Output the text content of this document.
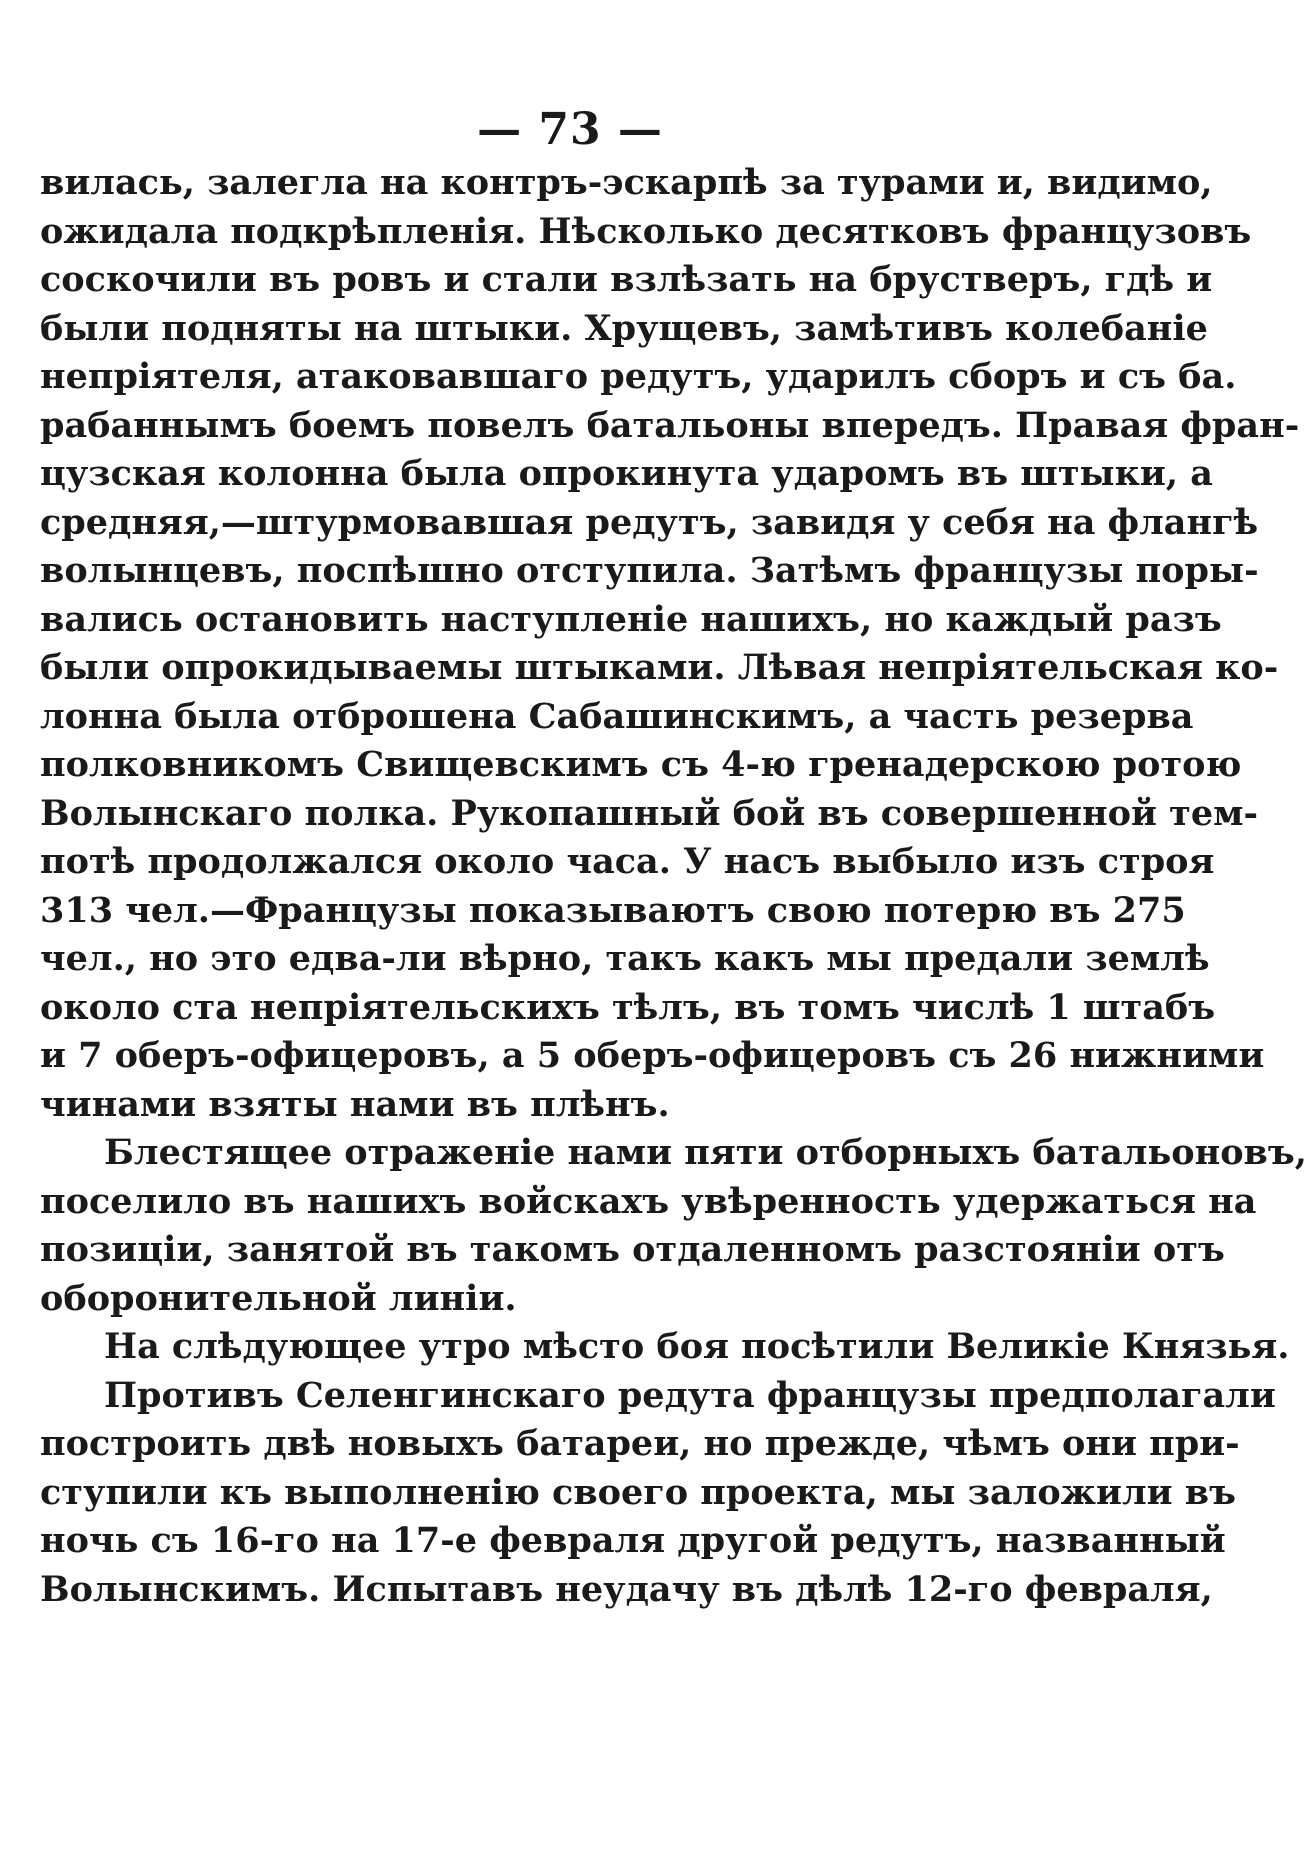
— 73 —
вилась, залегла на контръ-эскарпѣ за турами и, видимо,
ожидала подкрѣпленія. Нѣсколько десятковъ французовъ
соскочили въ ровъ и стали взлѣзать на брустверъ, гдѣ и
были подняты на штыки. Хрущевъ, замѣтивъ колебаніе
непріятеля, атаковавшаго редутъ, ударилъ сборъ и съ ба.
рабаннымъ боемъ повелъ батальоны впередъ. Правая фран-
цузская колонна была опрокинута ударомъ въ штыки, а
средняя,—штурмовавшая редутъ, завидя у себя на флангѣ
волынцевъ, поспѣшно отступила. Затѣмъ французы поры-
вались остановить наступленіе нашихъ, но каждый разъ
были опрокидываемы штыками. Лѣвая непріятельская ко-
лонна была отброшена Сабашинскимъ, а часть резерва
полковникомъ Свищевскимъ съ 4-ю гренадерскою ротою
Волынскаго полка. Рукопашный бой въ совершенной тем-
потѣ продолжался около часа. У насъ выбыло изъ строя
313 чел.—Французы показываютъ свою потерю въ 275
чел., но это едва-ли вѣрно, такъ какъ мы предали землѣ
около ста непріятельскихъ тѣлъ, въ томъ числѣ 1 штабъ
и 7 оберъ-офицеровъ, а 5 оберъ-офицеровъ съ 26 нижними
чинами взяты нами въ плѣнъ.
Блестящее отраженіе нами пяти отборныхъ батальоновъ,
поселило въ нашихъ войскахъ увѣренность удержаться на
позиціи, занятой въ такомъ отдаленномъ разстояніи отъ
оборонительной линіи.
На слѣдующее утро мѣсто боя посѣтили Великіе Князья.
Противъ Селенгинскаго редута французы предполагали
построить двѣ новыхъ батареи, но прежде, чѣмъ они при-
ступили къ выполненію своего проекта, мы заложили въ
ночь съ 16-го на 17-е февраля другой редутъ, названный
Волынскимъ. Испытавъ неудачу въ дѣлѣ 12-го февраля,
